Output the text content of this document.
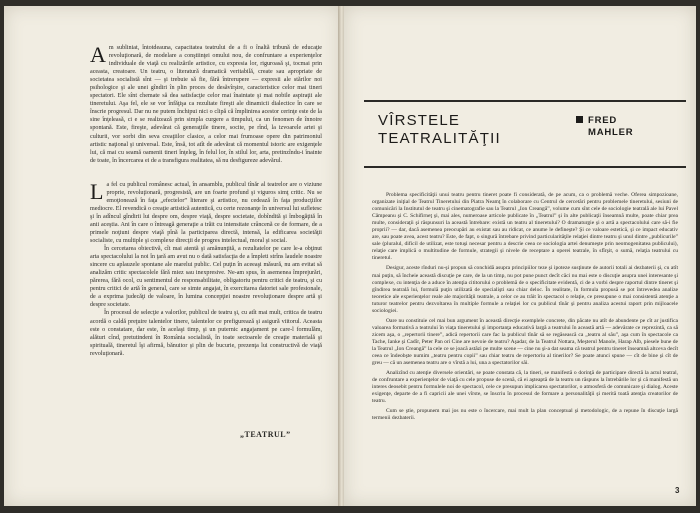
Am subliniat, întotdeauna, capacitatea teatrului de a fi o înaltă tribună de educaţie revoluţionară, de modelare a conştiinţei omului nou, de confruntare a experienţelor individuale de viaţă cu realizările artistice, cu expresia lor, riguroasă şi, tocmai prin aceasta, creatoare. Un teatru, o literatură dramatică veritabilă, create sau apropriate de societatea socialistă sînt — şi trebuie să fie, fără întrerupere — expresii ale stărilor noi psihologice şi ale unei gîndiri în plin proces de desăvîrşire, caracteristice celor mai tineri spectatori. Ele sînt chemate să dea satisfacţie celor mai înaintate şi mai nobile aspiraţii ale tineretului. Aşa fel, ele se vor înfăţişa ca rezultate fireşti ale dinamicii dialectice în care se înscrie progresul. Dar nu ne putem închipui nici o clipă că împlinirea acestor cerinţe este de la sine înţeleasă, ci e se realizează prin simpla curgere a timpului, ca un fenomen de înnoire spontană. Este, fireşte, adevărat că generaţiile tinere, socite, pe rînd, la izvoarele artei şi culturii, vor sorbi din seva creaţiilor clasice, a celor mai frumoase opere din patrimoniul artistic naţional şi universal. Este, însă, tot atît de adevărat că momentul istoric are exigenţele lui, că mai cu seamă oamenii tineri înţeleg, în felul lor, în stilul lor, arta, pretinzîndu-i înainte de toate, în încercarea ei de a transfigura realitatea, să nu desfigureze adevărul.

La fel cu publicul românesc actual, în ansamblu, publicul tînăr al teatrelor are o viziune proprie, revoluţionară, progresistă, are un foarte profund şi viguros simţ critic. Nu se emoţionează în faţa „efectelor” literare şi artistice, nu cedează în faţa producţiilor mediocre. El revendică o creaţie artistică autentică, cu certe rezonanţe în universul lui sufletesc şi în adîncul gîndirii lui despre om, despre viaţă, despre societate, dobîndită şi îmbogăţită în anii aceştia. Ani în care o întreagă generaţie a trăit cu intensitate crâncenă ce de formare, de a primele noţiuni despre viaţă pînă la participarea directă, intensă, la edificarea societăţii socialiste, cu multiple şi complexe direcţii de progres intelectual, moral şi social.

În cercetarea obiectivă, cît mai atentă şi amănunţită, a rezultatelor pe care le-a obţinut arta spectacolului la noi în ţară am avut nu o dată satisfacţia de a împleti strîns laudele noastre sincere cu aplauzele spontane ale marelui public. Cel puţin în aceeaşi măsură, nu am evitat să analizăm critic spectacolele fără miez sau inexpresive. Ne-am spus, în asemenea împrejurări, părerea, fără ocol, cu sentimentul de responsabilitate, obligatoriu pentru critici de teatru, şi cu pentru critici de artă în general, care se simte angajat, în exercitarea datoriei sale profesionale, de a exprima judecăţi de valoare, în lumina concepţiei noastre revoluţionare despre artă şi despre societate.

În procesul de selecţie a valorilor, publicul de teatru şi, cu atît mai mult, critica de teatru acordă o caldă preţuire talentelor tinere, talentelor ce prefigurează şi asigură viitorul. Aceasta este o constatare, dar este, în acelaşi timp, şi un puternic angajament pe care-l formulăm, alături cînd, pretutindeni în România socialistă, în toate sectoarele de creaţie materială şi spirituală, tineretul îşi afirmă, bănuitor şi plin de bucurie, prezenţa lui constructivă de viaţă revoluţionară.

„TEATRUL”
VÎRSTELE
TEATRALITĂŢII
FRED
MAHLER

Problema specificităţii unui teatru pentru tineret poate fi considerată, de pe acum, ca o problemă veche. Oferea simpozioane, organizate iniţial de Teatrul Tineretului din Piatra Neamţ în colaborare cu Centrul de cercetări pentru problemele tineretului, sesiuni de comunicări la Institutul de teatru şi cinematografie sau la Teatrul „Ion Creangă”, volume cum sînt cele de sociologie teatrală ale lui Pavel Câmpeanu şi C. Schifirneţ şi, mai ales, numeroase articole publicate în „Teatrul” şi în alte publicaţii înseamnă multe, poate chiar prea multe, consideraţii şi răspunsuri la această întrebare: există un teatru al tineretului? O dramaturgie şi o artă a spectacolului care să-i fie proprii? — dar, dacă asemenea preocupări au existat sau au ridicat, ce anume le defineşte? Şi ce valoare estetică, şi ce impact educativ are, sau poate avea, acest teatru? Este, de fapt, o singură întrebare privind particularităţile relaţiei dintre teatru şi unul dintre „publicurile” sale (pluralul, dificil de utilizat, este totuşi necesar pentru a descrie ceea ce sociologia artei denumeşte prin neomogenitatea publicului), relaţie care implică o multitudine de formule, strategii şi nivele de receptare a operei teatrale, în sfîrşit, o sumă, relaţia teatrului cu tineretul.

Desigur, aceste rînduri nu-şi propun să conchidă asupra principiilor teze şi ipoteze susţinute de autorii totali ai dezbaterii şi, cu atît mai puţin, să încheie această discuţie pe care, de la un timp, nu pot pune punct decît căci nu mai este o discuţie asupra unei interesante şi complexe, cu intenţia de a aduce în atenţia cititorului o problemă de o specificitate evidentă, ci de a vorbi despre raportul dintre tineret şi gîndirea teatrală lui, formulă puţin utilizată de specialişti sau chiar deloc. În realitate, în formula propusă se pot întrevedea analize teoretice ale experienţelor reale ale majorităţii teatrale, a celor ce au trăit în spectacol o relaţie, ce presupune o mai consistentă atenţie a tuturor teatrelor pentru dezvoltarea în multiple formule a relaţiei lor cu publicul tînăr şi pentru analiza acestui raport prin mijloacele sociologiei.

Oare nu constituie cel mai bun argument în această direcţie exemplele concrete, din păcate nu atît de abundente pe cît ar justifica valoarea formativă a teatrului în viaţa tineretului şi importanţa educativă largă a teatrului în această artă — adevărate ce reprezintă, ca să zicem aşa, o „repertorii tinere”, adică repertorii care fac la publicul tînăr să se regăsească ca „teatru al său”, aşa cum în spectacole ca Tache, Ianke şi Cadîr, Peter Pan ori Cine are nevoie de teatru? Aşadar, de la Teatrul Nottara, Meşterul Manole, Harap Alb, piesele bune de la Teatrul „Ion Creangă” la cele ce se joacă astăzi pe multe scene — cine nu şi-a dat seama că teatrul pentru tineret înseamnă altceva decît ceea ce îndeobşte numim „teatru pentru copii” sau chiar teatru de repertoriu al tinerilor? Se poate atunci spune — cît de bine şi cît de greu — că un asemenea teatru are o vîrstă a lui, una a spectatorilor săi.

Analizînd cu atenţie diversele orientări, se poate constata că, la tineri, se manifestă o dorinţă de participare directă la actul teatral, de confruntare a experienţelor de viaţă cu cele propuse de scenă, că ei aşteaptă de la teatru un răspuns la întrebările lor şi că manifestă un interes deosebit pentru formulele noi de spectacol, cele ce presupun implicarea spectatorilor, o atmosferă de comunicare şi dialog. Aceste exigenţe, departe de a fi capricii ale unei vîrste, se înscriu în procesul de formare a personalităţii şi merită toată atenţia creatorilor de teatru.

Cum se ştie, propunem mai jos nu este o încercare, mai mult la plan conceptual şi metodologic, de a repune în discuţie largă termenii dezbaterii.

3
